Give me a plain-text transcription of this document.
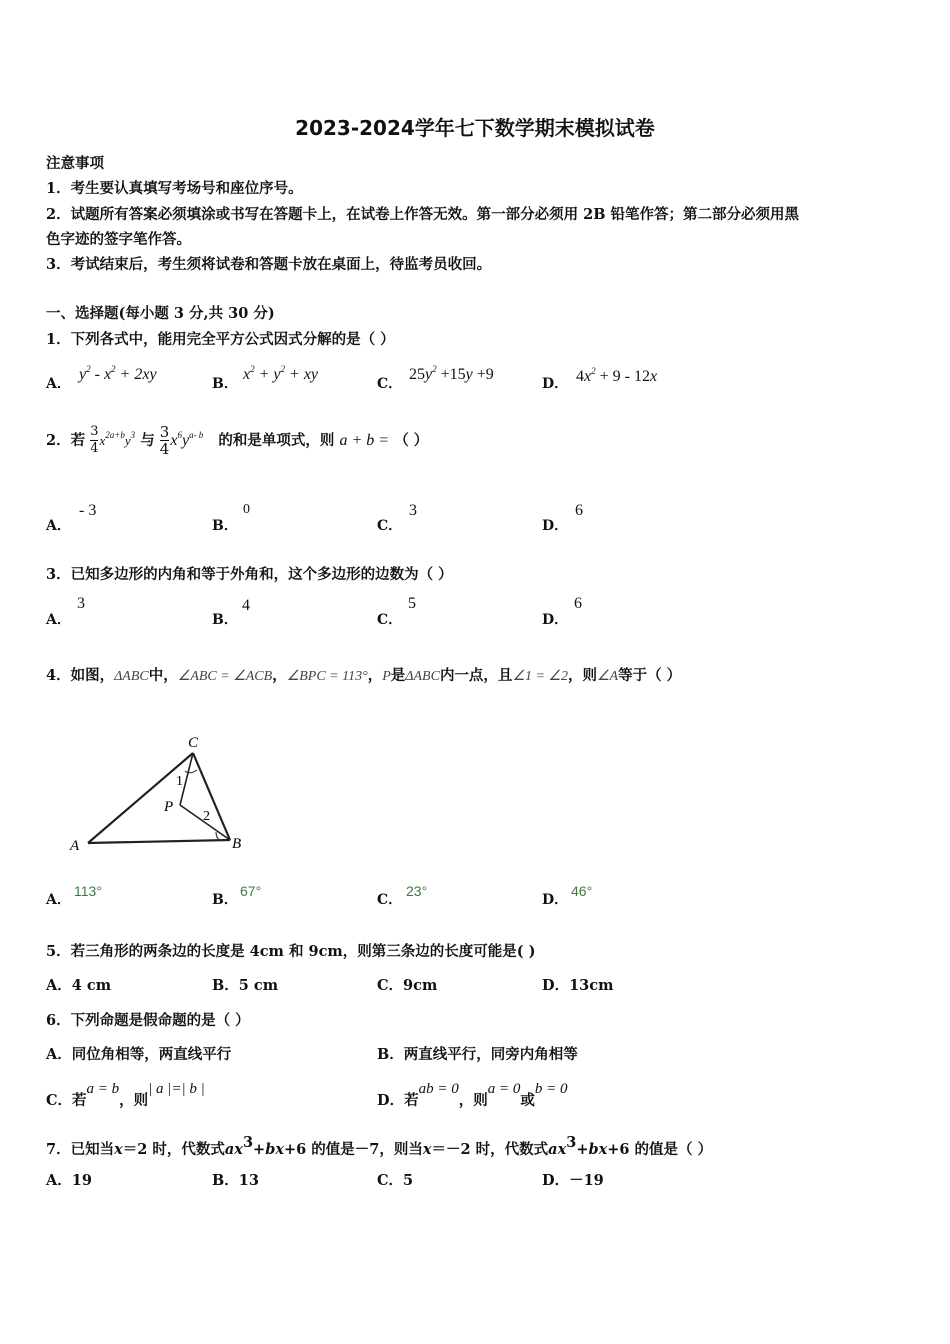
2023-2024学年七下数学期末模拟试卷
注意事项
1．考生要认真填写考场号和座位序号。
2．试题所有答案必须填涂或书写在答题卡上，在试卷上作答无效。第一部分必须用 2B 铅笔作答；第二部分必须用黑
色字迹的签字笔作答。
3．考试结束后，考生须将试卷和答题卡放在桌面上，待监考员收回。
一、选择题(每小题 3 分,共 30 分)
1．下列各式中，能用完全平方公式因式分解的是（ ）
A．
$y^2 - x^2 + 2xy$
B．
$x^2 + y^2$ + xy
C．
$25y^2 +15y +9$
D． $4x^2 + 9 - 12x$
2．若 $\frac{3}{4} x^{2a+b}y^3$ 与 $\frac{3}{4} x^6y^{a- b}$ 的和是单项式，则 a + b = （ ）
A．
- 3
B．
0
C．
3
D．
6
3．已知多边形的内角和等于外角和，这个多边形的边数为（ ）
A．
3
B．
4
C．
5
D．
6
4．如图，ΔABC中，∠ABC = ∠ACB，∠BPC = 113°，P是ΔABC内一点，且∠1 = ∠2，则∠A等于（ ）
C
A	B
P
1
2
A．
113°
B．
67°
C．
23°
D．
46°
5．若三角形的两条边的长度是 4cm 和 9cm，则第三条边的长度可能是( )
A．4 cm	B．5 cm	C．9cm	D．13cm
6．下列命题是假命题的是（ ）
A．同位角相等，两直线平行	B．两直线平行，同旁内角相等
C．若a = b，则| a |=| b |
D．若ab = 0，则a = 0或b = 0
7．已知当x＝2 时，代数式$ax^3+bx+6$ 的值是－7，则当x＝－2 时，代数式$ax^3+bx+6$ 的值是（ ）
A．19	B．13	C．5	D．－19
